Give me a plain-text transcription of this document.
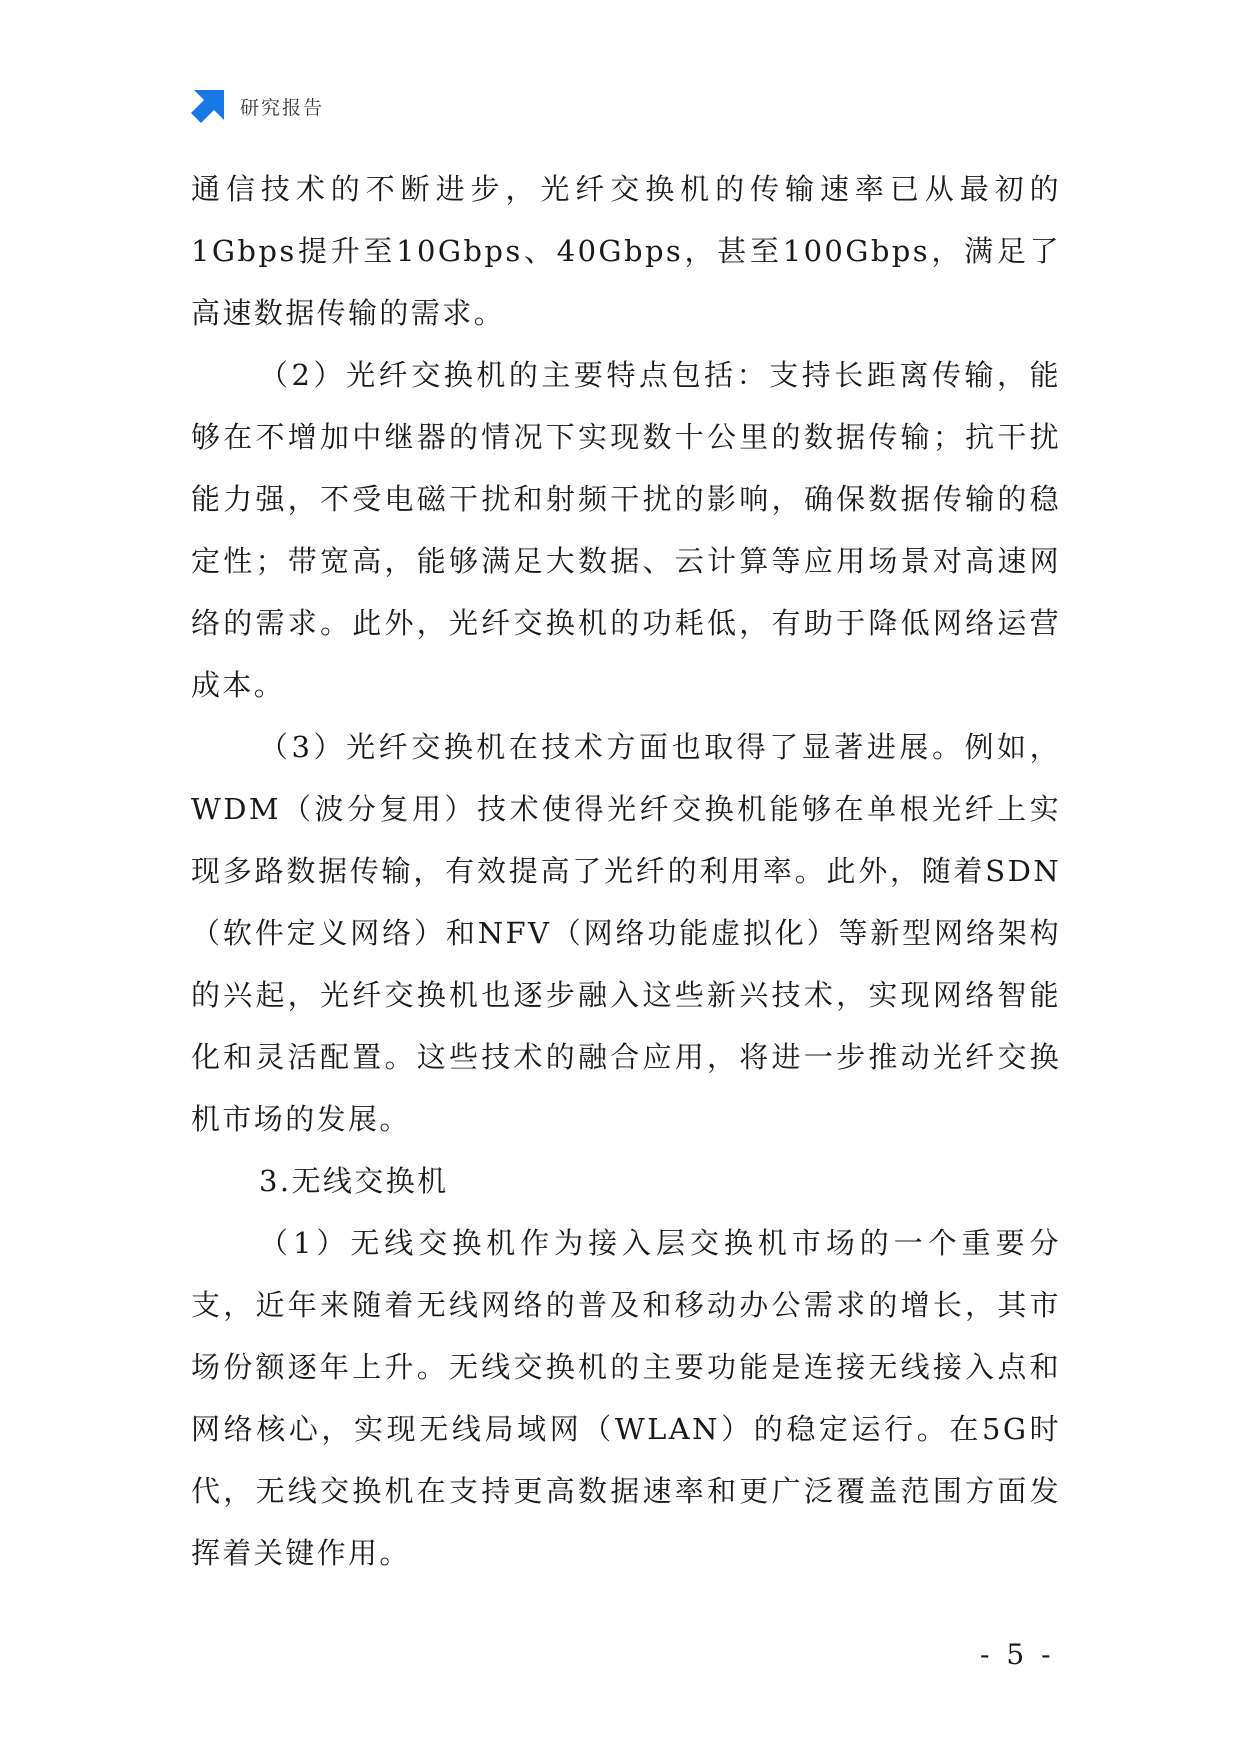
研究报告

通信技术的不断进步，光纤交换机的传输速率已从最初的1Gbps提升至10Gbps、40Gbps，甚至100Gbps，满足了高速数据传输的需求。

（2）光纤交换机的主要特点包括：支持长距离传输，能够在不增加中继器的情况下实现数十公里的数据传输；抗干扰能力强，不受电磁干扰和射频干扰的影响，确保数据传输的稳定性；带宽高，能够满足大数据、云计算等应用场景对高速网络的需求。此外，光纤交换机的功耗低，有助于降低网络运营成本。

（3）光纤交换机在技术方面也取得了显著进展。例如，WDM（波分复用）技术使得光纤交换机能够在单根光纤上实现多路数据传输，有效提高了光纤的利用率。此外，随着SDN（软件定义网络）和NFV（网络功能虚拟化）等新型网络架构的兴起，光纤交换机也逐步融入这些新兴技术，实现网络智能化和灵活配置。这些技术的融合应用，将进一步推动光纤交换机市场的发展。

3.无线交换机

（1）无线交换机作为接入层交换机市场的一个重要分支，近年来随着无线网络的普及和移动办公需求的增长，其市场份额逐年上升。无线交换机的主要功能是连接无线接入点和网络核心，实现无线局域网（WLAN）的稳定运行。在5G时代，无线交换机在支持更高数据速率和更广泛覆盖范围方面发挥着关键作用。

- 5 -
